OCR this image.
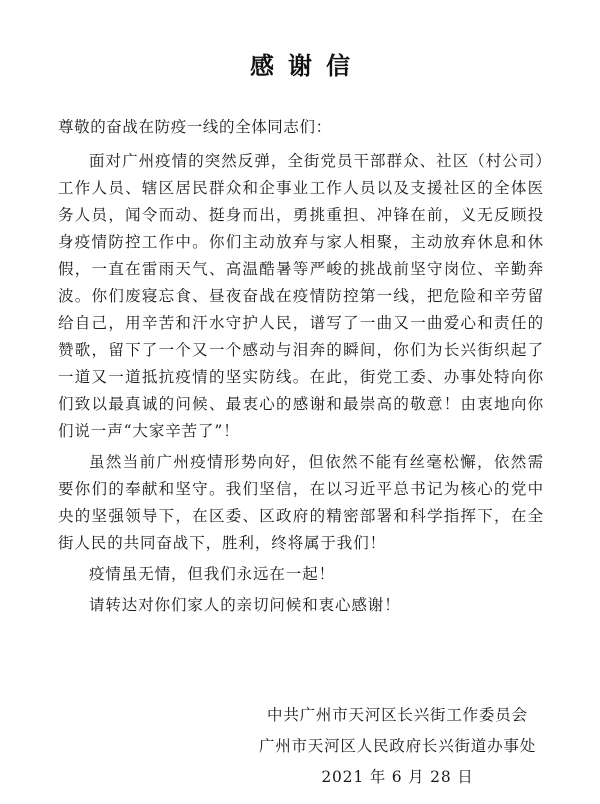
感谢信
尊敬的奋战在防疫一线的全体同志们：

面对广州疫情的突然反弹，全街党员干部群众、社区（村公司）工作人员、辖区居民群众和企事业工作人员以及支援社区的全体医务人员，闻令而动、挺身而出，勇挑重担、冲锋在前，义无反顾投身疫情防控工作中。你们主动放弃与家人相聚，主动放弃休息和休假，一直在雷雨天气、高温酷暑等严峻的挑战前坚守岗位、辛勤奔波。你们废寝忘食、昼夜奋战在疫情防控第一线，把危险和辛劳留给自己，用辛苦和汗水守护人民，谱写了一曲又一曲爱心和责任的赞歌，留下了一个又一个感动与泪奔的瞬间，你们为长兴街织起了一道又一道抵抗疫情的坚实防线。在此，街党工委、办事处特向你们致以最真诚的问候、最衷心的感谢和最崇高的敬意！由衷地向你们说一声“大家辛苦了”！

虽然当前广州疫情形势向好，但依然不能有丝毫松懈，依然需要你们的奉献和坚守。我们坚信，在以习近平总书记为核心的党中央的坚强领导下，在区委、区政府的精密部署和科学指挥下，在全街人民的共同奋战下，胜利，终将属于我们！

疫情虽无情，但我们永远在一起！

请转达对你们家人的亲切问候和衷心感谢！

中共广州市天河区长兴街工作委员会
广州市天河区人民政府长兴街道办事处
2021 年 6 月 28 日
